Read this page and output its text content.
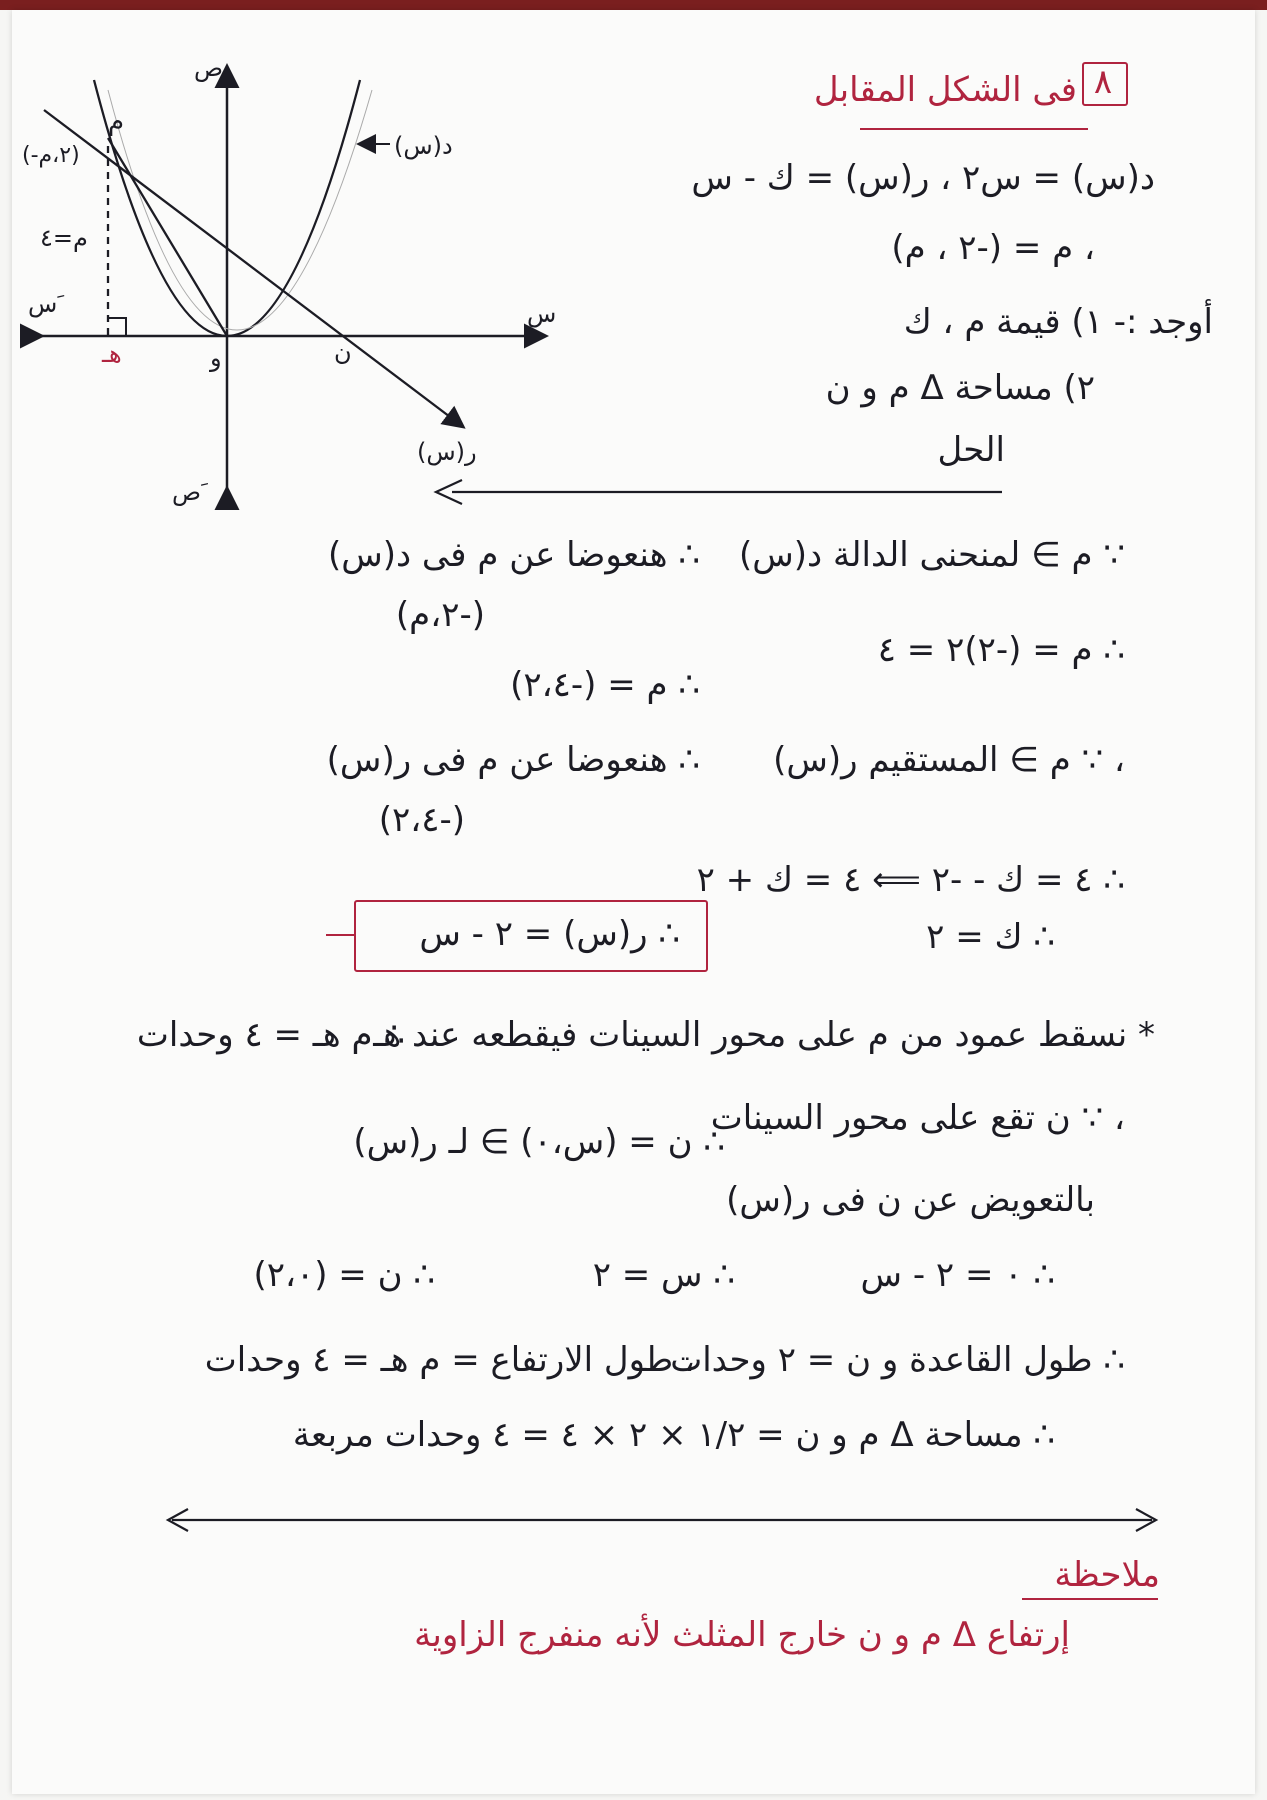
ص
ص َ
س
س َ
م
(-٢،م)
م=٤
هـ	و	ن
د(س)
ر(س)
٨
فى الشكل المقابل
د(س) = س٢ ، ر(س) = ك - س
، م = (-٢ ، م)
أوجد :- ١) قيمة م ، ك
٢) مساحة Δ م و ن
الحل
∵ م ∋ لمنحنى الدالة د(س)
∴ هنعوضا عن م فى د(س)
(-٢،م)
∴ م = (-٢)٢ = ٤
∴ م = (-٢،٤)
، ∵ م ∋ المستقيم ر(س)
∴ هنعوضا عن م فى ر(س)
(-٢،٤)
∴ ٤ = ك - -٢ ⟸ ٤ = ك + ٢
∴ ك = ٢
∴ ر(س) = ٢ - س
* نسقط عمود من م على محور السينات فيقطعه عند هـ
∴ م هـ = ٤ وحدات
، ∵ ن تقع على محور السينات
∴ ن = (س،٠) ∋ لـ ر(س)
بالتعويض عن ن فى ر(س)
∴ ٠ = ٢ - س
∴ س = ٢
∴ ن = (٢،٠)
∴ طول القاعدة و ن = ٢ وحدات
، طول الارتفاع = م هـ = ٤ وحدات
∴ مساحة Δ م و ن = ١/٢ × ٢ × ٤ = ٤ وحدات مربعة
ملاحظة
إرتفاع Δ م و ن خارج المثلث لأنه منفرج الزاوية
